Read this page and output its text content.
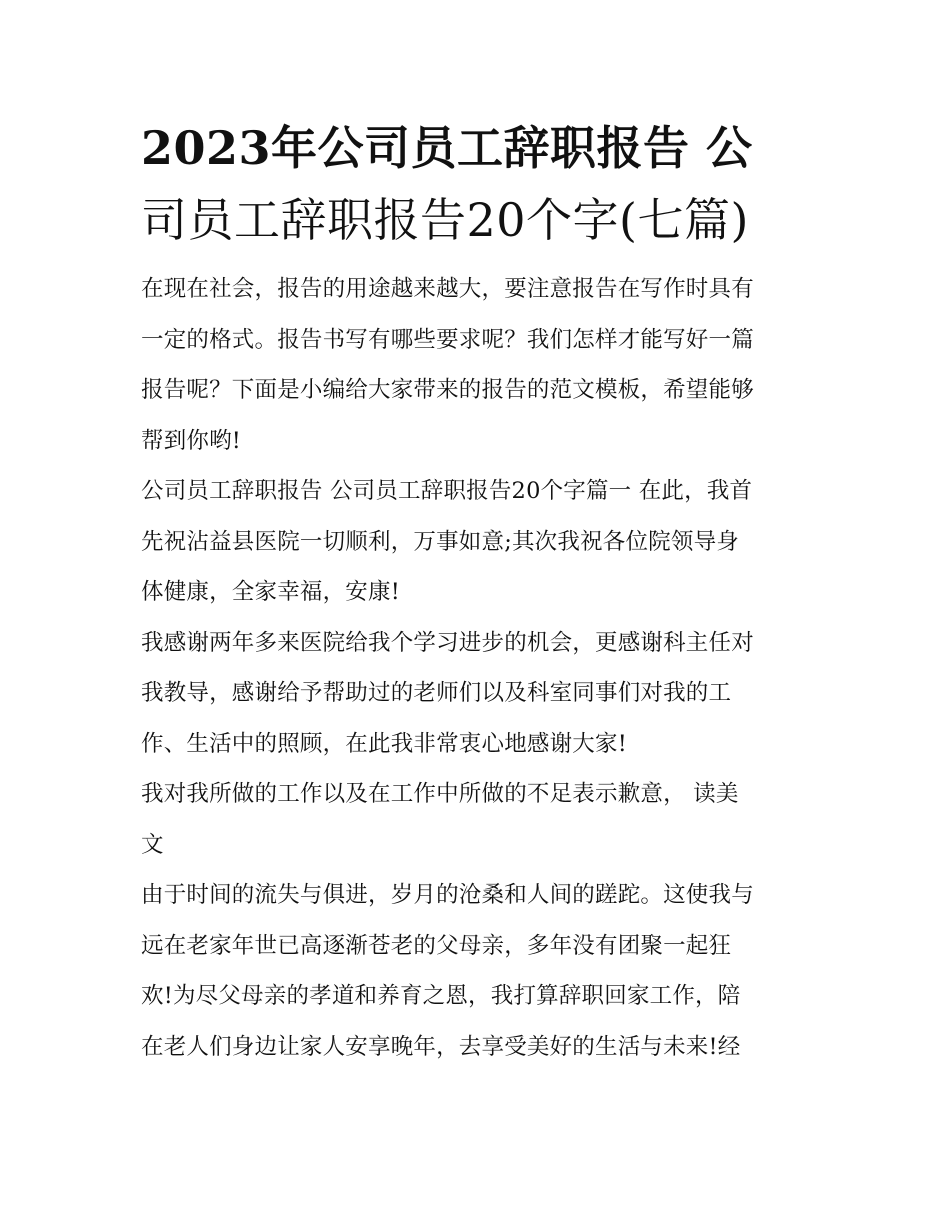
2023年公司员工辞职报告 公
司员工辞职报告20个字(七篇)
在现在社会，报告的用途越来越大，要注意报告在写作时具有
一定的格式。报告书写有哪些要求呢？我们怎样才能写好一篇
报告呢？下面是小编给大家带来的报告的范文模板，希望能够
帮到你哟!
公司员工辞职报告 公司员工辞职报告20个字篇一 在此，我首
先祝沾益县医院一切顺利，万事如意;其次我祝各位院领导身
体健康，全家幸福，安康!
我感谢两年多来医院给我个学习进步的机会，更感谢科主任对
我教导，感谢给予帮助过的老师们以及科室同事们对我的工
作、生活中的照顾，在此我非常衷心地感谢大家!
我对我所做的工作以及在工作中所做的不足表示歉意， 读美
文
由于时间的流失与俱进，岁月的沧桑和人间的蹉跎。这使我与
远在老家年世已高逐渐苍老的父母亲，多年没有团聚一起狂
欢!为尽父母亲的孝道和养育之恩，我打算辞职回家工作，陪
在老人们身边让家人安享晚年，去享受美好的生活与未来!经
